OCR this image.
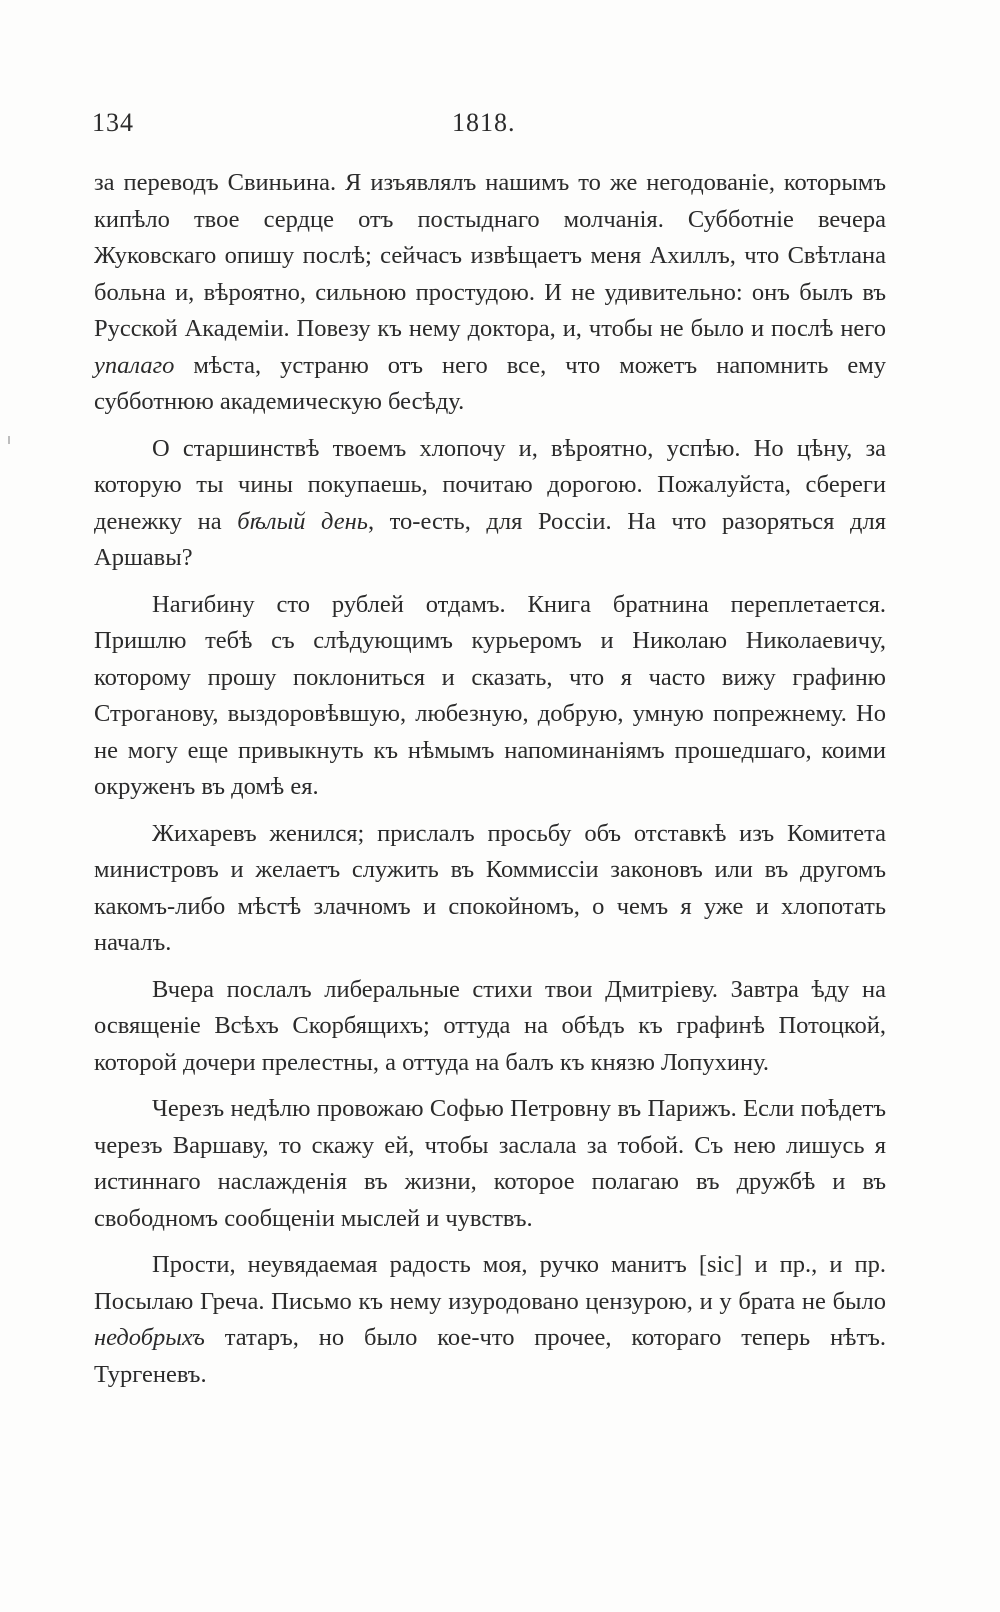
134	1818.

за переводъ Свиньина. Я изъявлялъ нашимъ то же негодованіе, которымъ кипѣло твое сердце отъ постыднаго молчанія. Субботніе вечера Жуковскаго опишу послѣ; сейчасъ извѣщаетъ меня Ахиллъ, что Свѣтлана больна и, вѣроятно, сильною простудою. И не удивительно: онъ былъ въ Русской Академіи. Повезу къ нему доктора, и, чтобы не было и послѣ него упалаго мѣста, устраню отъ него все, что можетъ напомнить ему субботнюю академическую бесѣду.

О старшинствѣ твоемъ хлопочу и, вѣроятно, успѣю. Но цѣну, за которую ты чины покупаешь, почитаю дорогою. Пожалуйста, сбереги денежку на бѣлый день, то-есть, для Россіи. На что разоряться для Аршавы?

Нагибину сто рублей отдамъ. Книга братнина переплетается. Пришлю тебѣ съ слѣдующимъ курьеромъ и Николаю Николаевичу, которому прошу поклониться и сказать, что я часто вижу графиню Строганову, выздоровѣвшую, любезную, добрую, умную попрежнему. Но не могу еще привыкнуть къ нѣмымъ напоминаніямъ прошедшаго, коими окруженъ въ домѣ ея.

Жихаревъ женился; прислалъ просьбу объ отставкѣ изъ Комитета министровъ и желаетъ служить въ Коммиссіи законовъ или въ другомъ какомъ-либо мѣстѣ злачномъ и спокойномъ, о чемъ я уже и хлопотать началъ.

Вчера послалъ либеральные стихи твои Дмитріеву. Завтра ѣду на освященіе Всѣхъ Скорбящихъ; оттуда на обѣдъ къ графинѣ Потоцкой, которой дочери прелестны, а оттуда на балъ къ князю Лопухину.

Черезъ недѣлю провожаю Софью Петровну въ Парижъ. Если поѣдетъ черезъ Варшаву, то скажу ей, чтобы заслала за тобой. Съ нею лишусь я истиннаго наслажденія въ жизни, которое полагаю въ дружбѣ и въ свободномъ сообщеніи мыслей и чувствъ.

Прости, неувядаемая радость моя, ручко манитъ [sic] и пр., и пр. Посылаю Греча. Письмо къ нему изуродовано цензурою, и у брата не было недобрыхъ татаръ, но было кое-что прочее, котораго теперь нѣтъ. Тургеневъ.
